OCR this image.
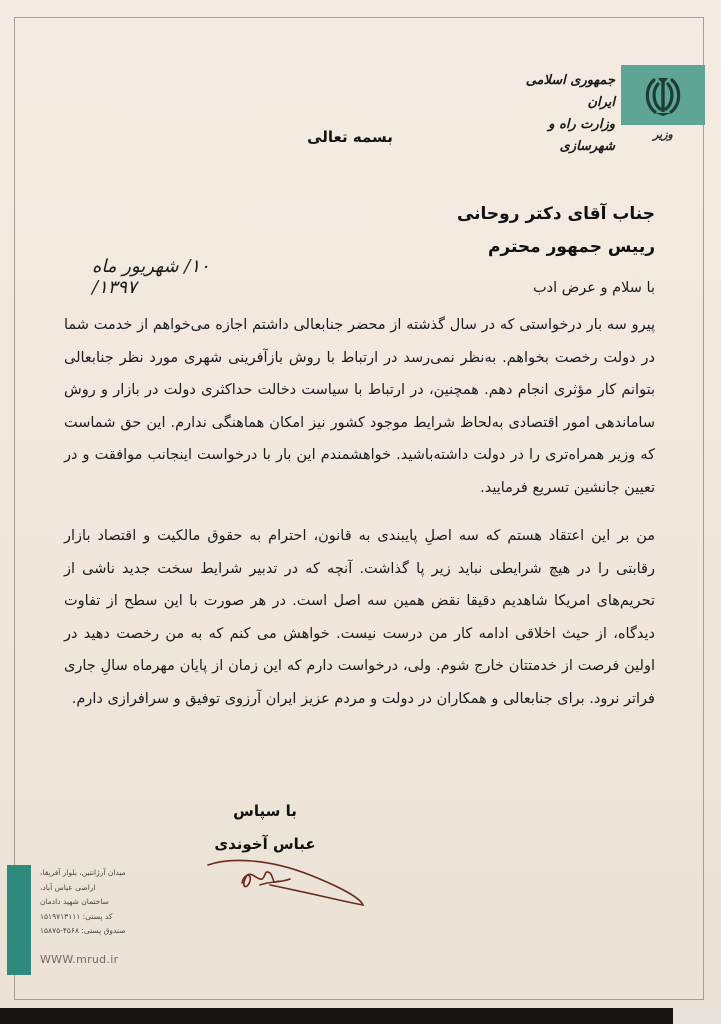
جمهوری اسلامی ایران
وزارت راه و شهرسازی
وزیر
بسمه تعالی
جناب آقای دکتر روحانی
رییس جمهور محترم
۱۰/ شهریور ماه ۱۳۹۷/	با سلام و عرض ادب
پیرو سه بار درخواستی که در سال گذشته از محضر جنابعالی داشتم اجازه می‌خواهم از خدمت شما در دولت رخصت بخواهم. به‌نظر نمی‌رسد در ارتباط با روش بازآفرینی شهری مورد نظر جنابعالی بتوانم کار مؤثری انجام دهم. همچنین، در ارتباط با سیاست دخالت حداکثری دولت در بازار و روش ساماندهی امور اقتصادی به‌لحاظ شرایط موجود کشور نیز امکان هماهنگی ندارم. این حق شماست که وزیر همراه‌تری را در دولت داشته‌باشید. خواهشمندم این بار با درخواست اینجانب موافقت و در تعیین جانشین تسریع فرمایید.
من بر این اعتقاد هستم که سه اصلِ پایبندی به قانون، احترام به حقوق مالکیت و اقتصاد بازار رقابتی را در هیچ شرایطی نباید زیر پا گذاشت. آنچه که در تدبیر شرایط سخت جدید ناشی از تحریم‌های امریکا شاهدیم دقیقا نقض همین سه اصل است. در هر صورت با این سطح از تفاوت دیدگاه، از حیث اخلاقی ادامه کار من درست نیست. خواهش می کنم که به من رخصت دهید در اولین فرصت از خدمتتان خارج شوم. ولی، درخواست دارم که این زمان از پایان مهرماه سالِ جاری فراتر نرود. برای جنابعالی و همکاران در دولت و مردم عزیز ایران آرزوی توفیق و سرافرازی دارم.
با سپاس
عباس آخوندی
میدان آرژانتین، بلوار آفریقا،
اراضی عباس آباد،
ساختمان شهید دادمان
کد پستی: ۱۵۱۹۷۱۳۱۱۱
صندوق پستی: ۴۵۶۸-۱۵۸۷۵
WWW.mrud.ir
